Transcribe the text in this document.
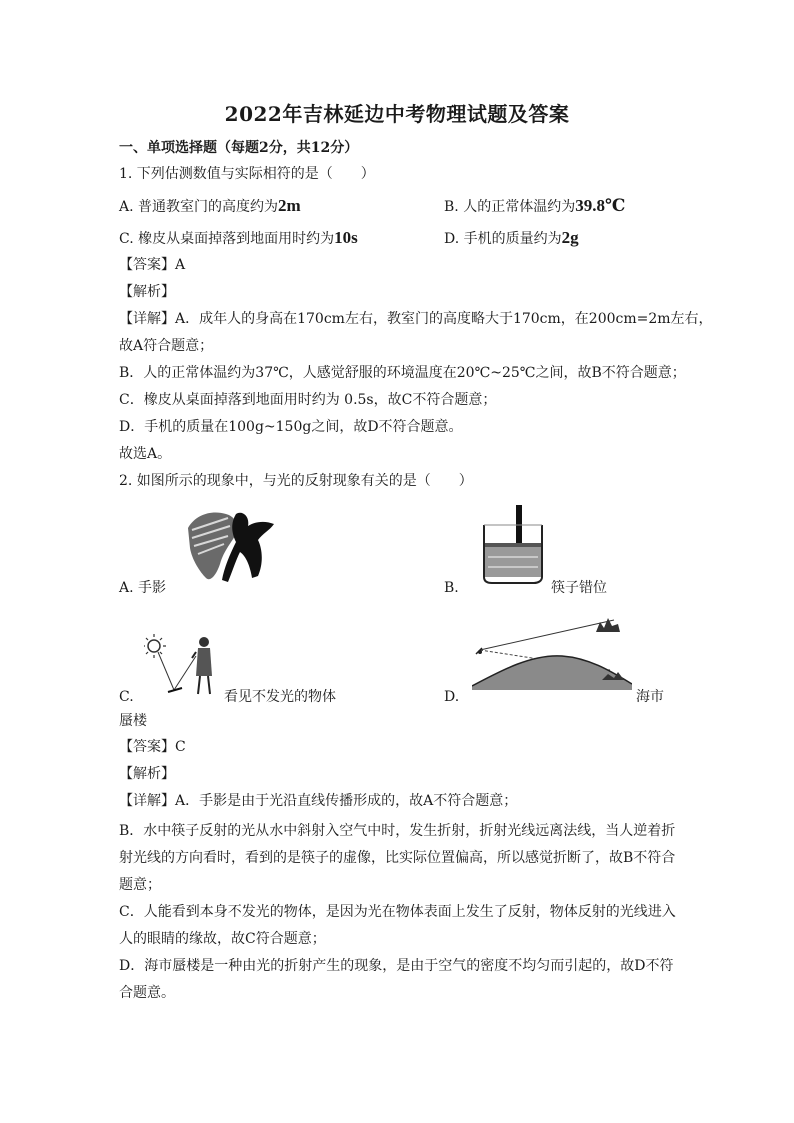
2022年吉林延边中考物理试题及答案
一、单项选择题（每题2分，共12分）
1. 下列估测数值与实际相符的是（　　）
A. 普通教室门的高度约为2m	B. 人的正常体温约为39.8℃
C. 橡皮从桌面掉落到地面用时约为10s	D. 手机的质量约为2g
【答案】A
【解析】
【详解】A．成年人的身高在170cm左右，教室门的高度略大于170cm，在200cm=2m左右，
故A符合题意；
B．人的正常体温约为37℃，人感觉舒服的环境温度在20℃~25℃之间，故B不符合题意；
C．橡皮从桌面掉落到地面用时约为 0.5s，故C不符合题意；
D．手机的质量在100g~150g之间，故D不符合题意。
故选A。
2. 如图所示的现象中，与光的反射现象有关的是（　　）
A. 手影	B.	筷子错位
C.	看见不发光的物体	D.	海市
蜃楼
【答案】C
【解析】
【详解】A．手影是由于光沿直线传播形成的，故A不符合题意；
B．水中筷子反射的光从水中斜射入空气中时，发生折射，折射光线远离法线，当人逆着折射光线的方向看时，看到的是筷子的虚像，比实际位置偏高，所以感觉折断了，故B不符合题意；
C．人能看到本身不发光的物体，是因为光在物体表面上发生了反射，物体反射的光线进入人的眼睛的缘故，故C符合题意；
D．海市蜃楼是一种由光的折射产生的现象，是由于空气的密度不均匀而引起的，故D不符合题意。
